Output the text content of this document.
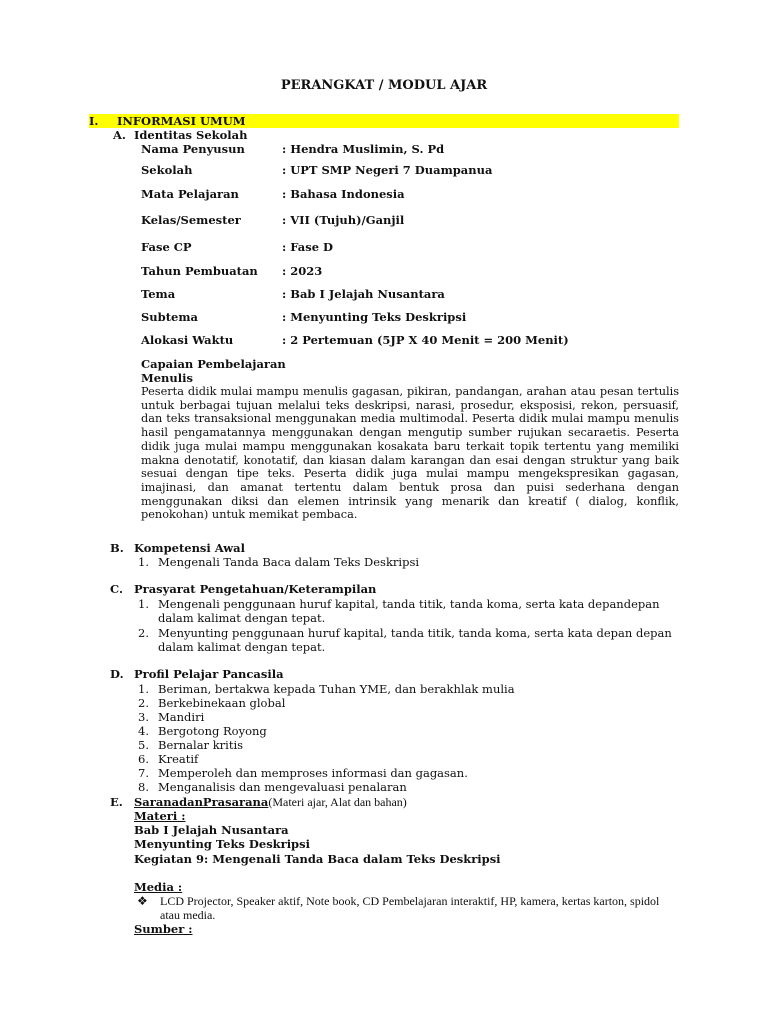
PERANGKAT / MODUL AJAR
I. INFORMASI UMUM
A. Identitas Sekolah
Nama Penyusun	: Hendra Muslimin, S. Pd
Sekolah	: UPT SMP Negeri 7 Duampanua
Mata Pelajaran	: Bahasa Indonesia
Kelas/Semester	: VII (Tujuh)/Ganjil
Fase CP	: Fase D
Tahun Pembuatan : 2023
Tema	: Bab I Jelajah Nusantara
Subtema	: Menyunting Teks Deskripsi
Alokasi Waktu	: 2 Pertemuan (5JP X 40 Menit = 200 Menit)
Capaian Pembelajaran
Menulis
Peserta didik mulai mampu menulis gagasan, pikiran, pandangan, arahan atau pesan tertulis untuk berbagai tujuan melalui teks deskripsi, narasi, prosedur, eksposisi, rekon, persuasif, dan teks transaksional menggunakan media multimodal. Peserta didik mulai mampu menulis hasil pengamatannya menggunakan dengan mengutip sumber rujukan secaraetis. Peserta didik juga mulai mampu menggunakan kosakata baru terkait topik tertentu yang memiliki makna denotatif, konotatif, dan kiasan dalam karangan dan esai dengan struktur yang baik sesuai dengan tipe teks. Peserta didik juga mulai mampu mengekspresikan gagasan, imajinasi, dan amanat tertentu dalam bentuk prosa dan puisi sederhana dengan menggunakan diksi dan elemen intrinsik yang menarik dan kreatif ( dialog, konflik, penokohan) untuk memikat pembaca.
B. Kompetensi Awal
1. Mengenali Tanda Baca dalam Teks Deskripsi
C. Prasyarat Pengetahuan/Keterampilan
1. Mengenali penggunaan huruf kapital, tanda titik, tanda koma, serta kata depandepan dalam kalimat dengan tepat.
2. Menyunting penggunaan huruf kapital, tanda titik, tanda koma, serta kata depan depan dalam kalimat dengan tepat.
D. Profil Pelajar Pancasila
1. Beriman, bertakwa kepada Tuhan YME, dan berakhlak mulia
2. Berkebinekaan global
3. Mandiri
4. Bergotong Royong
5. Bernalar kritis
6. Kreatif
7. Memperoleh dan memproses informasi dan gagasan.
8. Menganalisis dan mengevaluasi penalaran
E. SaranadanPrasarana(Materi ajar, Alat dan bahan)
Materi :
Bab I Jelajah Nusantara
Menyunting Teks Deskripsi
Kegiatan 9: Mengenali Tanda Baca dalam Teks Deskripsi
Media :
❖ LCD Projector, Speaker aktif, Note book, CD Pembelajaran interaktif, HP, kamera, kertas karton, spidol atau media.
Sumber :
